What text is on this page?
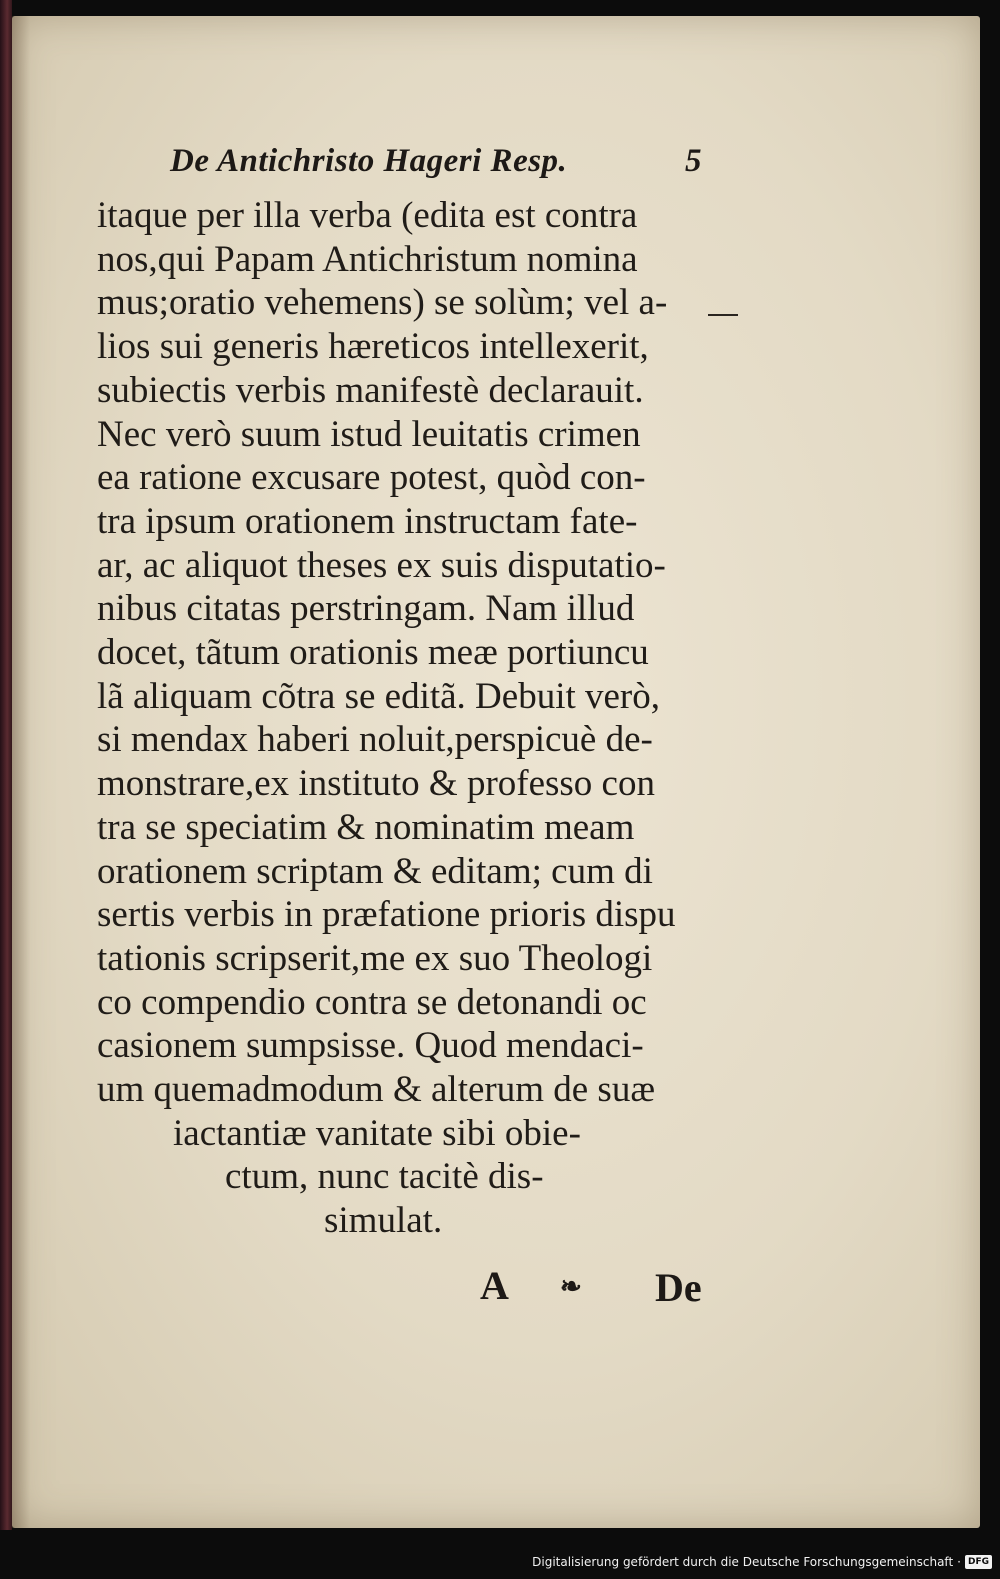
De Antichristo Hageri Resp.	5
itaque per illa verba (edita est contra
nos,qui Papam Antichristum nomina
mus;oratio vehemens) se solùm; vel a-
lios sui generis hæreticos intellexerit,
subiectis verbis manifestè declarauit.
Nec verò suum istud leuitatis crimen
ea ratione excusare potest, quòd con-
tra ipsum orationem instructam fate-
ar, ac aliquot theses ex suis disputatio-
nibus citatas perstringam. Nam illud
docet, tãtum orationis meæ portiuncu
lã aliquam cõtra se editã. Debuit verò,
si mendax haberi noluit,perspicuè de-
monstrare,ex instituto & professo con
tra se speciatim & nominatim meam
orationem scriptam & editam; cum di
sertis verbis in præfatione prioris dispu
tationis scripserit,me ex suo Theologi
co compendio contra se detonandi oc
casionem sumpsisse. Quod mendaci-
um quemadmodum & alterum de suæ
iactantiæ vanitate sibi obie-
ctum, nunc tacitè dis-
simulat.
A ❧ De
Digitalisierung gefördert durch die Deutsche Forschungsgemeinschaft · DFG
